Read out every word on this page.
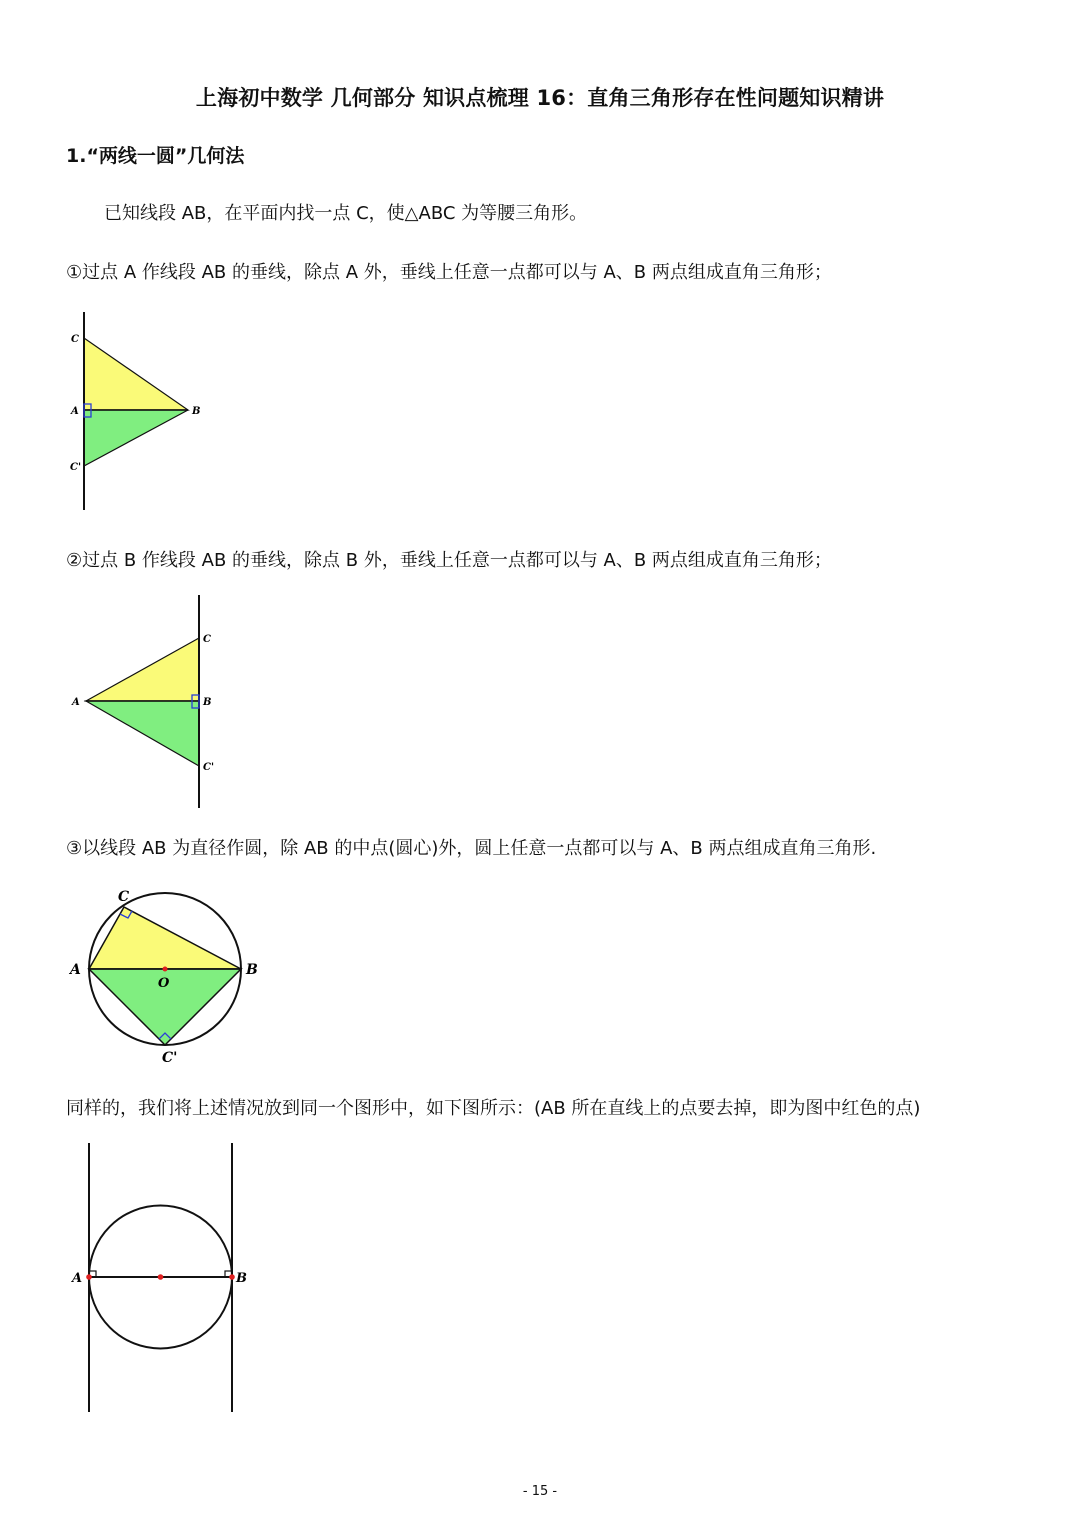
上海初中数学 几何部分 知识点梳理 16：直角三角形存在性问题知识精讲
1.“两线一圆”几何法

已知线段 AB，在平面内找一点 C，使△ABC 为等腰三角形。

①过点 A 作线段 AB 的垂线，除点 A 外，垂线上任意一点都可以与 A、B 两点组成直角三角形；

C
A	B
C'

②过点 B 作线段 AB 的垂线，除点 B 外，垂线上任意一点都可以与 A、B 两点组成直角三角形；

A
C
B
C'

③以线段 AB 为直径作圆，除 AB 的中点(圆心)外，圆上任意一点都可以与 A、B 两点组成直角三角形.

C
A	B
O
C'

同样的，我们将上述情况放到同一个图形中，如下图所示：(AB 所在直线上的点要去掉，即为图中红色的点)

A	B
- 15 -
